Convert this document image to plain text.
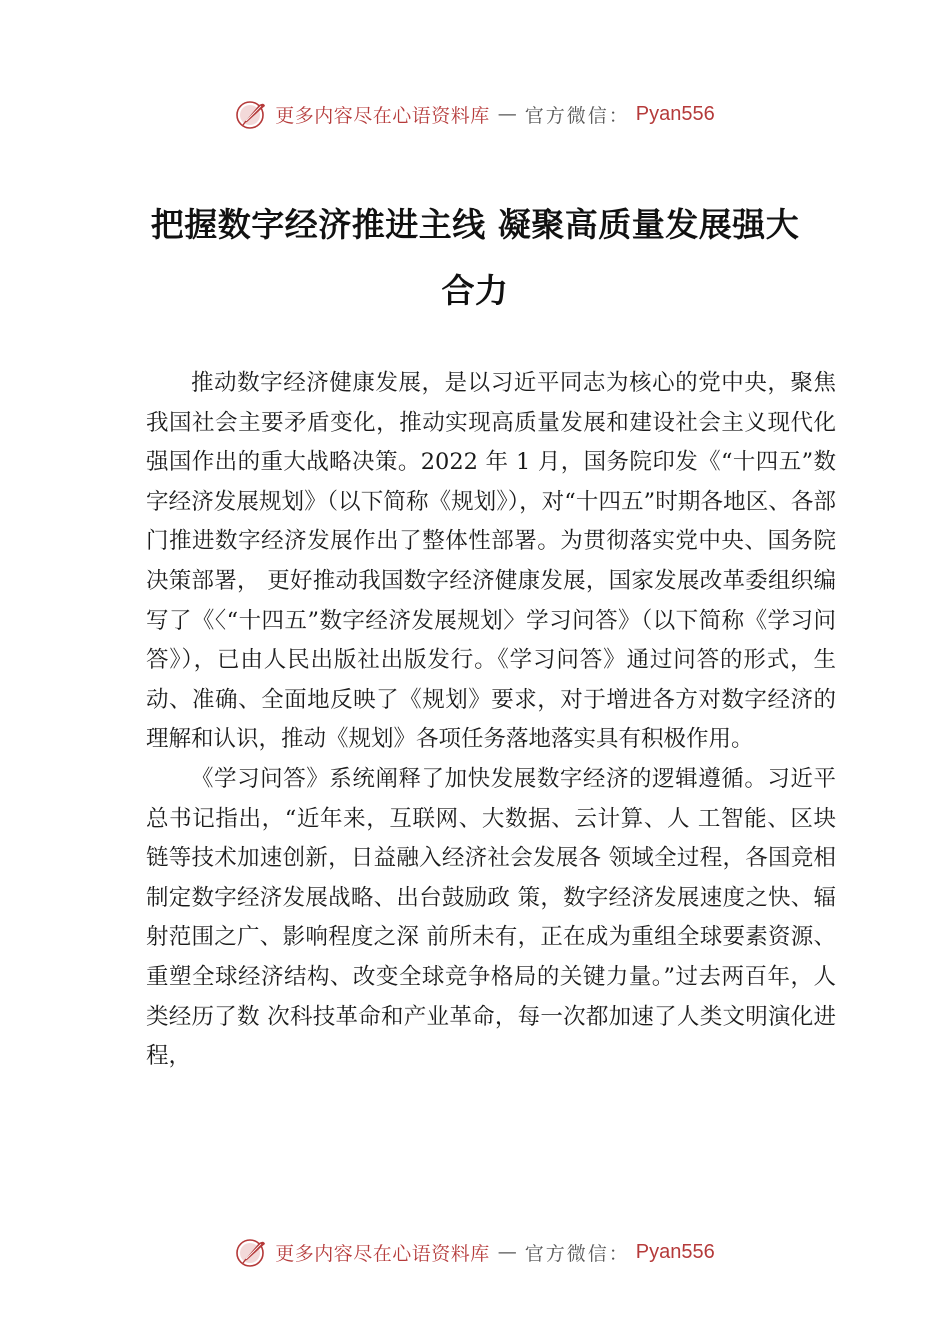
更多内容尽在心语资料库 — 官方微信： Pyan556
把握数字经济推进主线 凝聚高质量发展强大合力

推动数字经济健康发展，是以习近平同志为核心的党中央，聚焦我国社会主要矛盾变化，推动实现高质量发展和建设社会主义现代化强国作出的重大战略决策。2022 年 1 月，国务院印发《“十四五”数字经济发展规划》（以下简称《规划》），对“十四五”时期各地区、各部门推进数字经济发展作出了整体性部署。为贯彻落实党中央、国务院决策部署， 更好推动我国数字经济健康发展，国家发展改革委组织编写了《〈“十四五”数字经济发展规划〉学习问答》（以下简称《学习问答》），已由人民出版社出版发行。《学习问答》通过问答的形式，生动、准确、全面地反映了《规划》要求，对于增进各方对数字经济的理解和认识，推动《规划》各项任务落地落实具有积极作用。

《学习问答》系统阐释了加快发展数字经济的逻辑遵循。习近平总书记指出，“近年来，互联网、大数据、云计算、人 工智能、区块链等技术加速创新，日益融入经济社会发展各 领域全过程，各国竞相制定数字经济发展战略、出台鼓励政 策，数字经济发展速度之快、辐射范围之广、影响程度之深 前所未有，正在成为重组全球要素资源、重塑全球经济结构、改变全球竞争格局的关键力量。”过去两百年，人类经历了数 次科技革命和产业革命，每一次都加速了人类文明演化进程，

更多内容尽在心语资料库 — 官方微信： Pyan556
